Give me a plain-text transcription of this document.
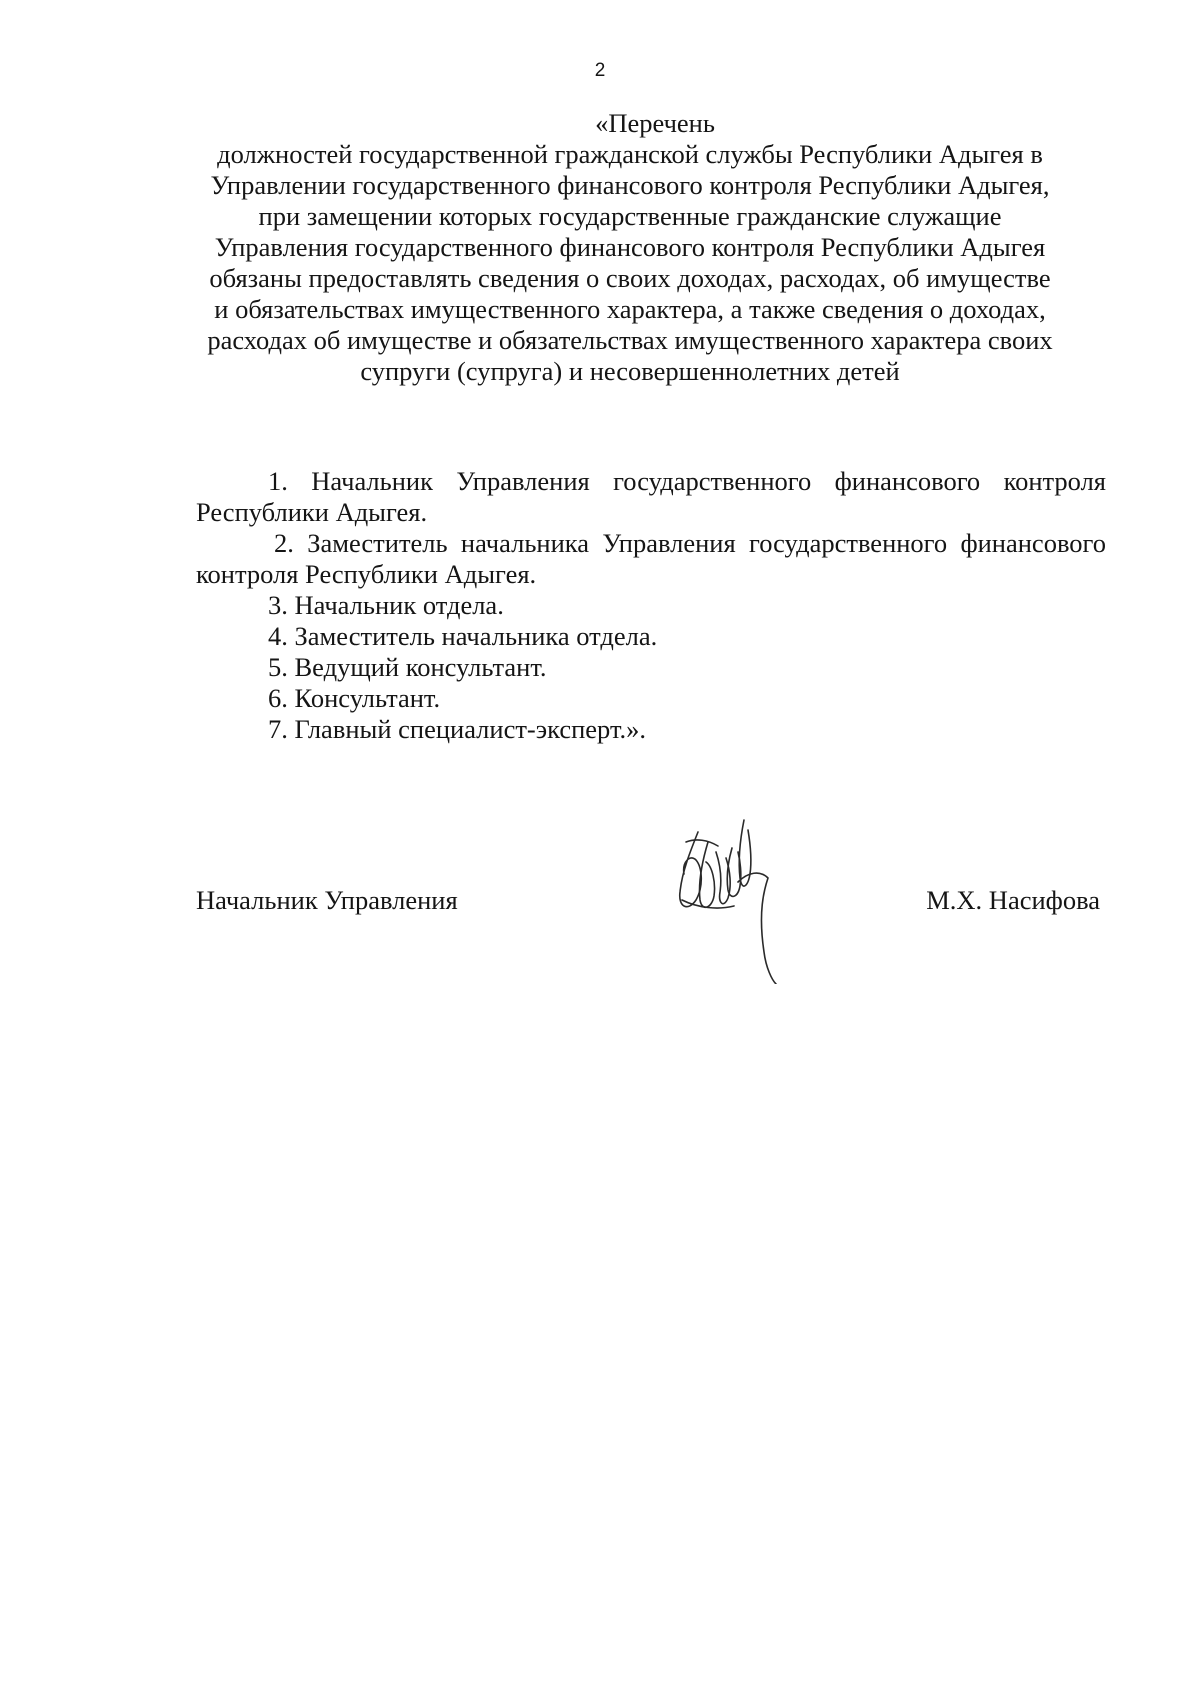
2
«Перечень
должностей государственной гражданской службы Республики Адыгея в
Управлении государственного финансового контроля Республики Адыгея,
при замещении которых государственные гражданские служащие
Управления государственного финансового контроля Республики Адыгея
обязаны предоставлять сведения о своих доходах, расходах, об имуществе
и обязательствах имущественного характера, а также сведения о доходах,
расходах об имуществе и обязательствах имущественного характера своих
супруги (супруга) и несовершеннолетних детей

1. Начальник Управления государственного финансового контроля Республики Адыгея.

2. Заместитель начальника Управления государственного финансового контроля Республики Адыгея.

3. Начальник отдела.

4. Заместитель начальника отдела.

5. Ведущий консультант.

6. Консультант.

7. Главный специалист-эксперт.».

Начальник Управления	М.Х. Насифова
